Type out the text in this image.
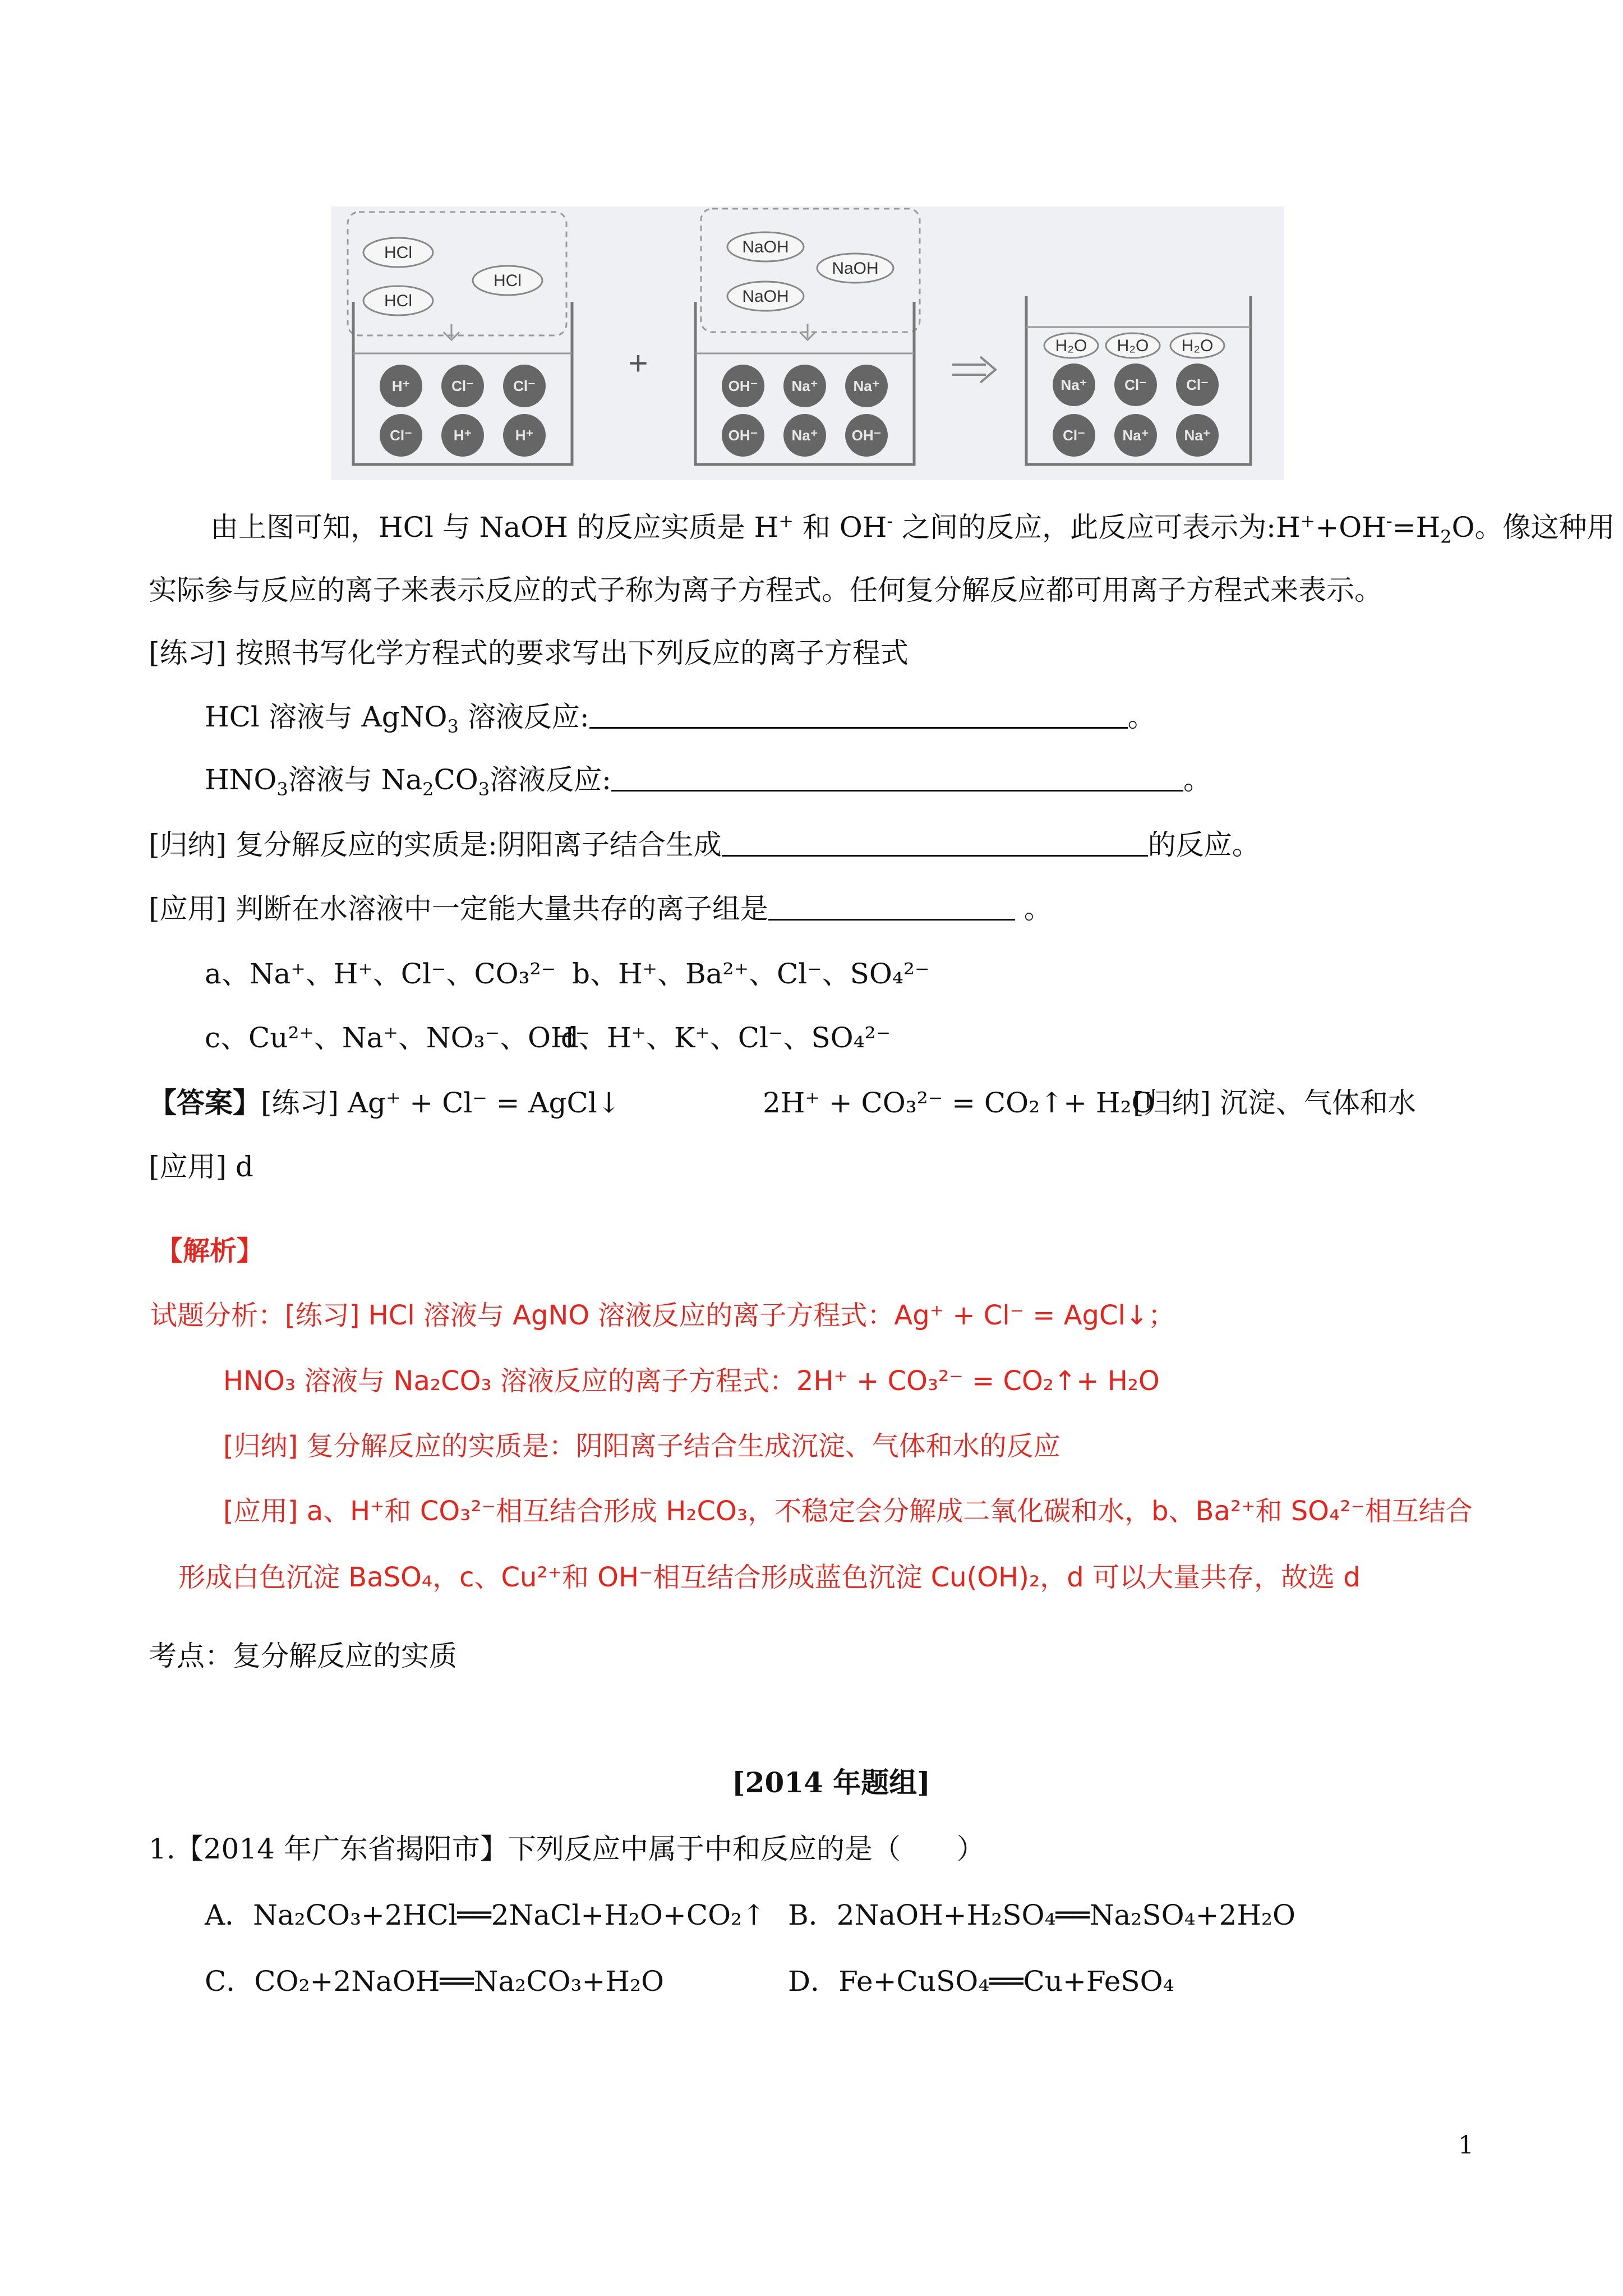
HCl
HCl
HCl
H⁺	Cl⁻	Cl⁻
Cl⁻	H⁺	H⁺
+
NaOH
NaOH
NaOH
OH⁻ Na⁺ Na⁺
OH⁻ Na⁺ OH⁻
H₂O H₂O H₂O
Na⁺	Cl⁻	Cl⁻
Cl⁻	Na⁺ Na⁺
由上图可知，HCl 与 NaOH 的反应实质是 H+ 和 OH- 之间的反应，此反应可表示为$:H^++OH^-=H_2O$。像这种用
实际参与反应的离子来表示反应的式子称为离子方程式。任何复分解反应都可用离子方程式来表示。
[练习] 按照书写化学方程式的要求写出下列反应的离子方程式
HCl 溶液与 AgNO$_3$ 溶液反应:	。
$HNO_3$溶液与 $Na_2CO_3$溶液反应:	。
[归纳] 复分解反应的实质是:阴阳离子结合生成	的反应。
[应用] 判断在水溶液中一定能大量共存的离子组是	。
a、Na⁺、H⁺、Cl⁻、CO₃²⁻ b、H⁺、Ba²⁺、Cl⁻、SO₄²⁻
c、Cu²⁺、Na⁺、NO₃⁻、OH⁻
d、H⁺、K⁺、Cl⁻、SO₄²⁻
【答案】[练习] Ag⁺ + Cl⁻ = AgCl↓	2H⁺ + CO₃²⁻ = CO₂↑+ H₂O
[归纳] 沉淀、气体和水
[应用] d
【解析】
试题分析：[练习] HCl 溶液与 AgNO 溶液反应的离子方程式：Ag⁺ + Cl⁻ = AgCl↓；
HNO₃ 溶液与 Na₂CO₃ 溶液反应的离子方程式：2H⁺ + CO₃²⁻ = CO₂↑+ H₂O
[归纳] 复分解反应的实质是：阴阳离子结合生成沉淀、气体和水的反应
[应用] a、H⁺和 CO₃²⁻相互结合形成 H₂CO₃，不稳定会分解成二氧化碳和水，b、Ba²⁺和 SO₄²⁻相互结合
形成白色沉淀 BaSO₄，c、Cu²⁺和 OH⁻相互结合形成蓝色沉淀 Cu(OH)₂，d 可以大量共存，故选 d
考点：复分解反应的实质
[2014 年题组]
1.【2014 年广东省揭阳市】下列反应中属于中和反应的是（　　）
A．Na₂CO₃+2HCl══2NaCl+H₂O+CO₂↑ B．2NaOH+H₂SO₄══Na₂SO₄+2H₂O
C．CO₂+2NaOH══Na₂CO₃+H₂O	D．Fe+CuSO₄══Cu+FeSO₄
1
